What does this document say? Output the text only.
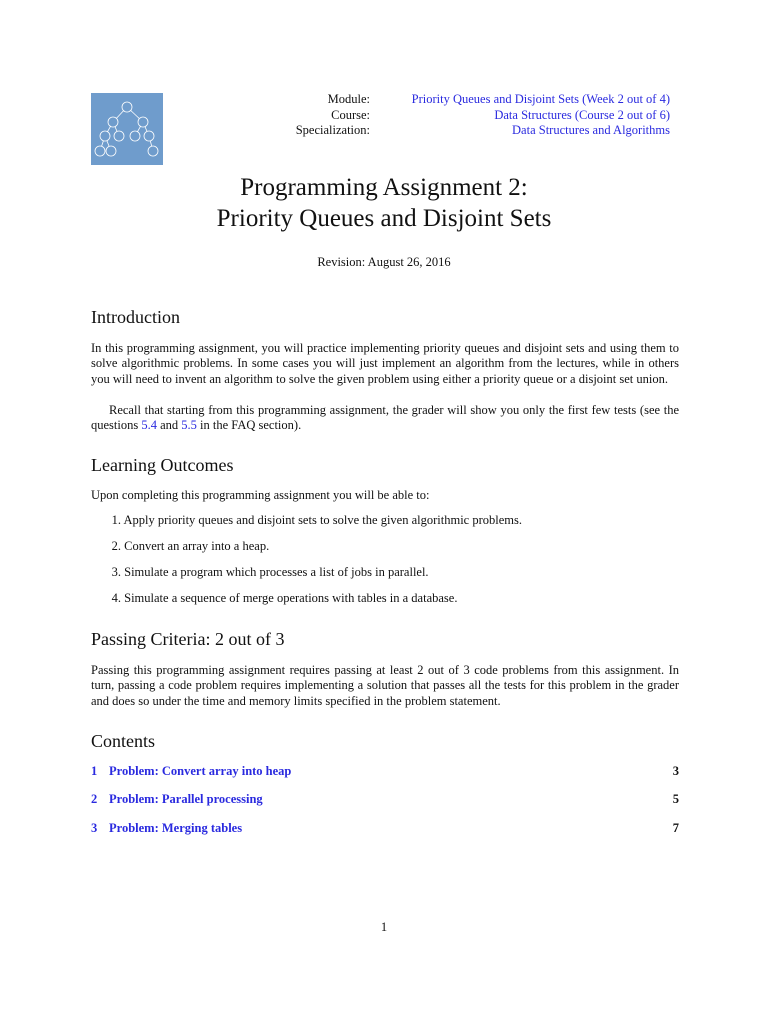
Module:	Priority Queues and Disjoint Sets (Week 2 out of 4)
Course:	Data Structures (Course 2 out of 6)
Specialization:	Data Structures and Algorithms
Programming Assignment 2:
Priority Queues and Disjoint Sets
Revision: August 26, 2016
Introduction

In this programming assignment, you will practice implementing priority queues and disjoint sets and using them to solve algorithmic problems. In some cases you will just implement an algorithm from the lectures, while in others you will need to invent an algorithm to solve the given problem using either a priority queue or a disjoint set union.

Recall that starting from this programming assignment, the grader will show you only the first few tests (see the questions 5.4 and 5.5 in the FAQ section).

Learning Outcomes

Upon completing this programming assignment you will be able to:

1. Apply priority queues and disjoint sets to solve the given algorithmic problems.
2. Convert an array into a heap.
3. Simulate a program which processes a list of jobs in parallel.
4. Simulate a sequence of merge operations with tables in a database.
Passing Criteria: 2 out of 3

Passing this programming assignment requires passing at least 2 out of 3 code problems from this assignment. In turn, passing a code problem requires implementing a solution that passes all the tests for this problem in the grader and does so under the time and memory limits specified in the problem statement.

Contents
1 Problem: Convert array into heap	3
2 Problem: Parallel processing	5
3 Problem: Merging tables	7
1
